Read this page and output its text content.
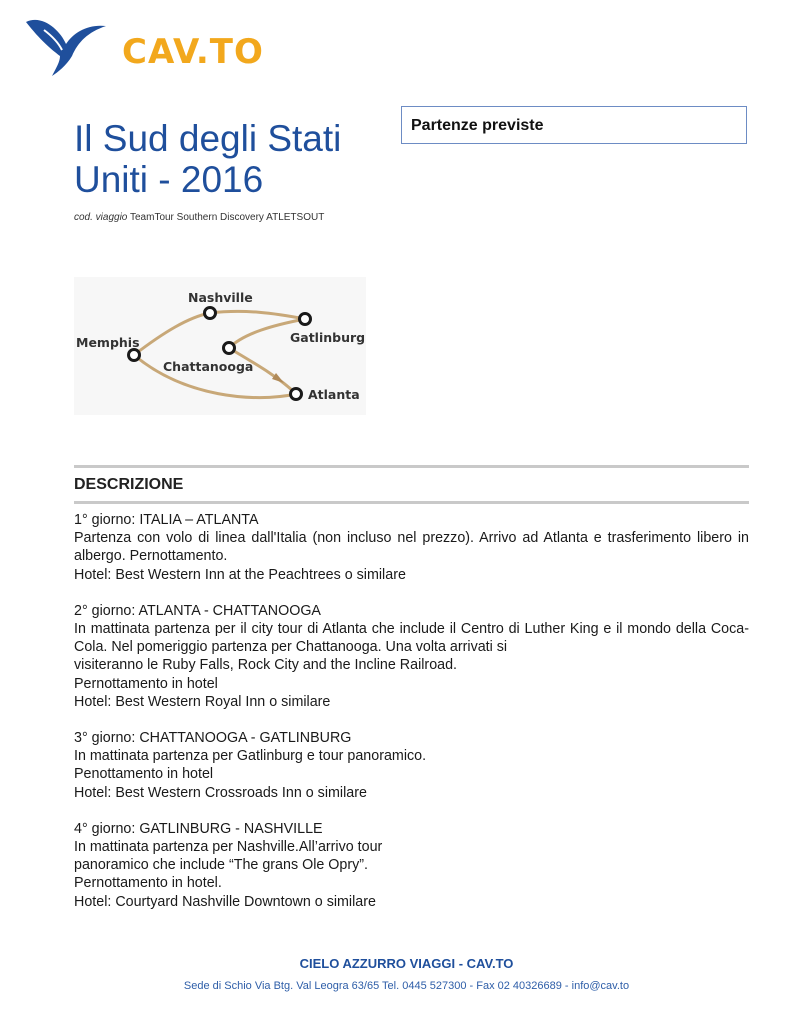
CAV.TO
Il Sud degli Stati Uniti - 2016
cod. viaggio TeamTour Southern Discovery ATLETSOUT
Partenze previste
Nashville
Gatlinburg
Memphis
Chattanooga
Atlanta
DESCRIZIONE

1° giorno: ITALIA – ATLANTA

Partenza con volo di linea dall'Italia (non incluso nel prezzo). Arrivo ad Atlanta e trasferimento libero in albergo. Pernottamento.

Hotel: Best Western Inn at the Peachtrees o similare

2° giorno: ATLANTA - CHATTANOOGA

In mattinata partenza per il city tour di Atlanta che include il Centro di Luther King e il mondo della Coca-Cola. Nel pomeriggio partenza per Chattanooga. Una volta arrivati si

visiteranno le Ruby Falls, Rock City and the Incline Railroad.

Pernottamento in hotel

Hotel: Best Western Royal Inn o similare

3° giorno: CHATTANOOGA - GATLINBURG

In mattinata partenza per Gatlinburg e tour panoramico.

Penottamento in hotel

Hotel: Best Western Crossroads Inn o similare

4° giorno: GATLINBURG - NASHVILLE

In mattinata partenza per Nashville.All’arrivo tour

panoramico che include “The grans Ole Opry”.

Pernottamento in hotel.

Hotel: Courtyard Nashville Downtown o similare

CIELO AZZURRO VIAGGI - CAV.TO
Sede di Schio Via Btg. Val Leogra 63/65 Tel. 0445 527300 - Fax 02 40326689 - info@cav.to
